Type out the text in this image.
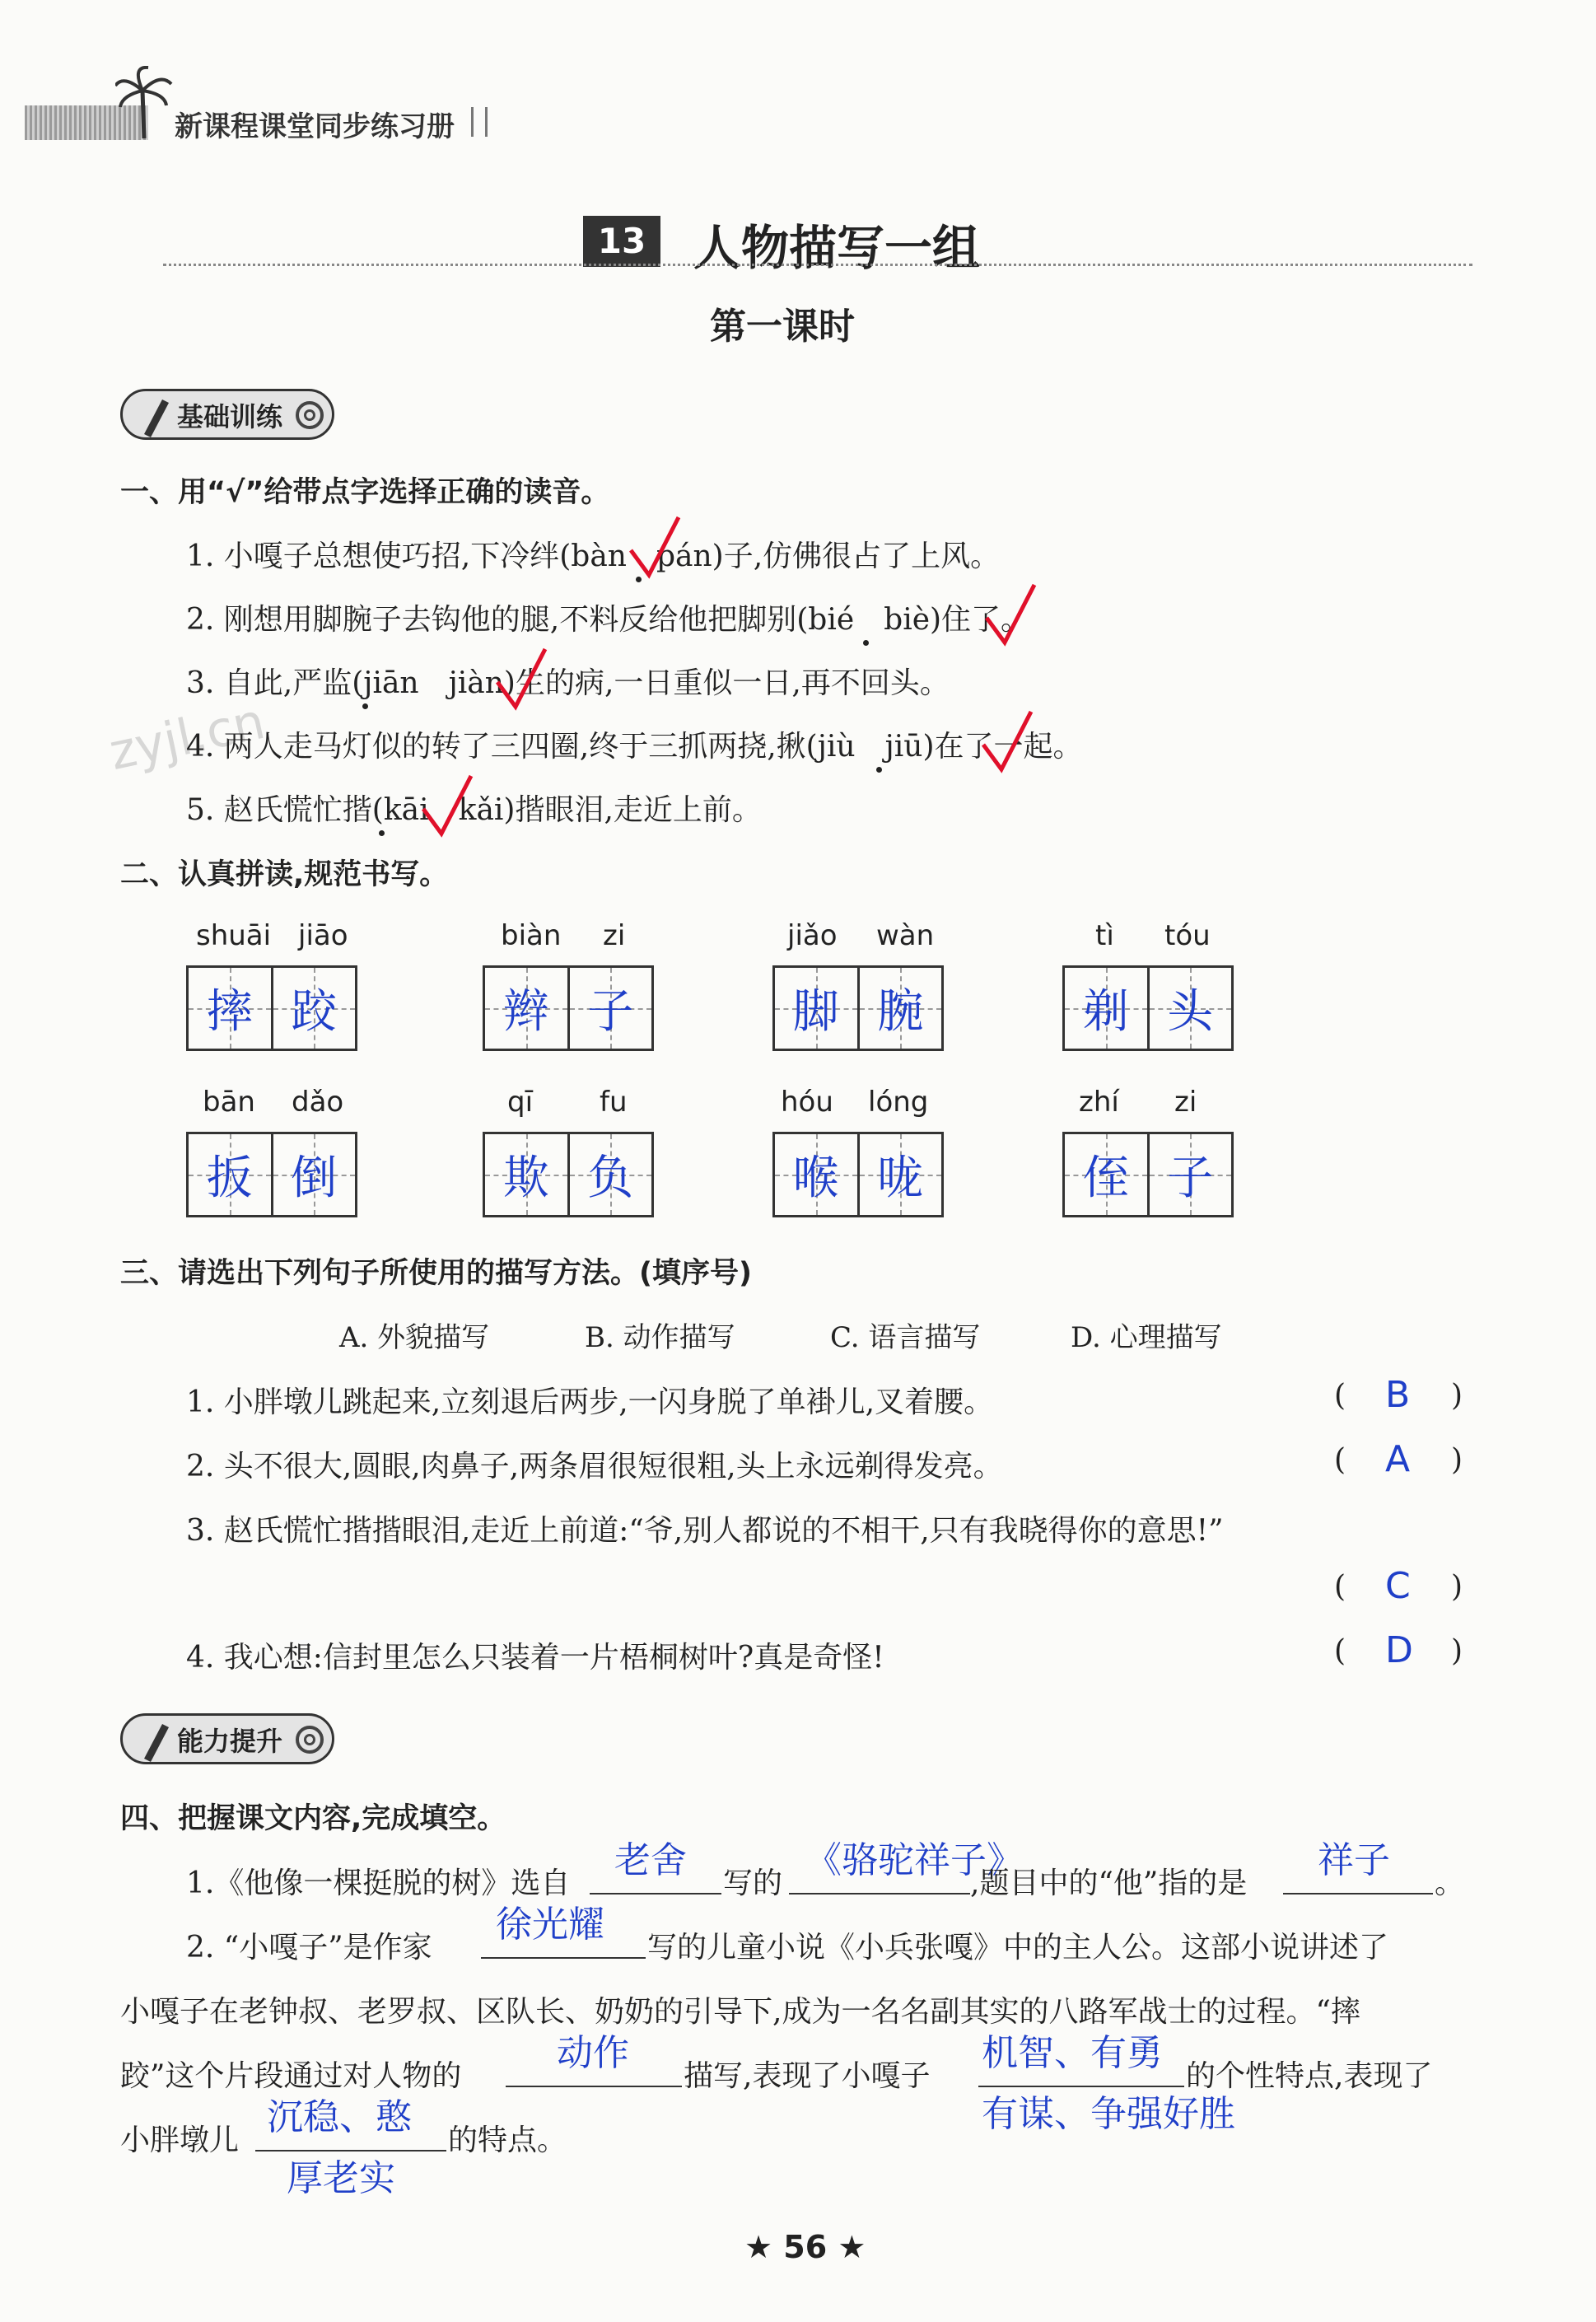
新课程课堂同步练习册
13 人物描写一组
第一课时
zyjl.cn
基础训练
一、用“√”给带点字选择正确的读音。
1. 小嘎子总想使巧招,下冷绊(bàn　pán)子,仿佛很占了上风。
2. 刚想用脚腕子去钩他的腿,不料反给他把脚别(bié　biè)住了。
3. 自此,严监(jiān　jiàn)生的病,一日重似一日,再不回头。
4. 两人走马灯似的转了三四圈,终于三抓两挠,揪(jiù　jiū)在了一起。
5. 赵氏慌忙揩(kāi　kǎi)揩眼泪,走近上前。
二、认真拼读,规范书写。
shuāi jiāo
摔 跤
biàn zi
辫 子
jiǎo wàn
脚 腕
tì tóu
剃 头
bān dǎo
扳 倒
qī fu
欺 负
hóu lóng
喉 咙
zhí zi
侄 子
三、请选出下列句子所使用的描写方法。(填序号)
A. 外貌描写	B. 动作描写	C. 语言描写	D. 心理描写
1. 小胖墩儿跳起来,立刻退后两步,一闪身脱了单褂儿,叉着腰。	( B )
2. 头不很大,圆眼,肉鼻子,两条眉很短很粗,头上永远剃得发亮。	( A )
3. 赵氏慌忙揩揩眼泪,走近上前道:“爷,别人都说的不相干,只有我晓得你的意思!”
( C )
4. 我心想:信封里怎么只装着一片梧桐树叶?真是奇怪!	( D )
能力提升
四、把握课文内容,完成填空。
1.《他像一棵挺脱的树》选自
老舍
写的
《骆驼祥子》
,题目中的“他”指的是
祥子
。
2. “小嘎子”是作家
徐光耀
写的儿童小说《小兵张嘎》中的主人公。这部小说讲述了
小嘎子在老钟叔、老罗叔、区队长、奶奶的引导下,成为一名名副其实的八路军战士的过程。“摔
跤”这个片段通过对人物的
动作
描写,表现了小嘎子
机智、有勇
的个性特点,表现了
有谋、争强好胜
小胖墩儿
沉稳、憨
的特点。
厚老实
★ 56 ★
